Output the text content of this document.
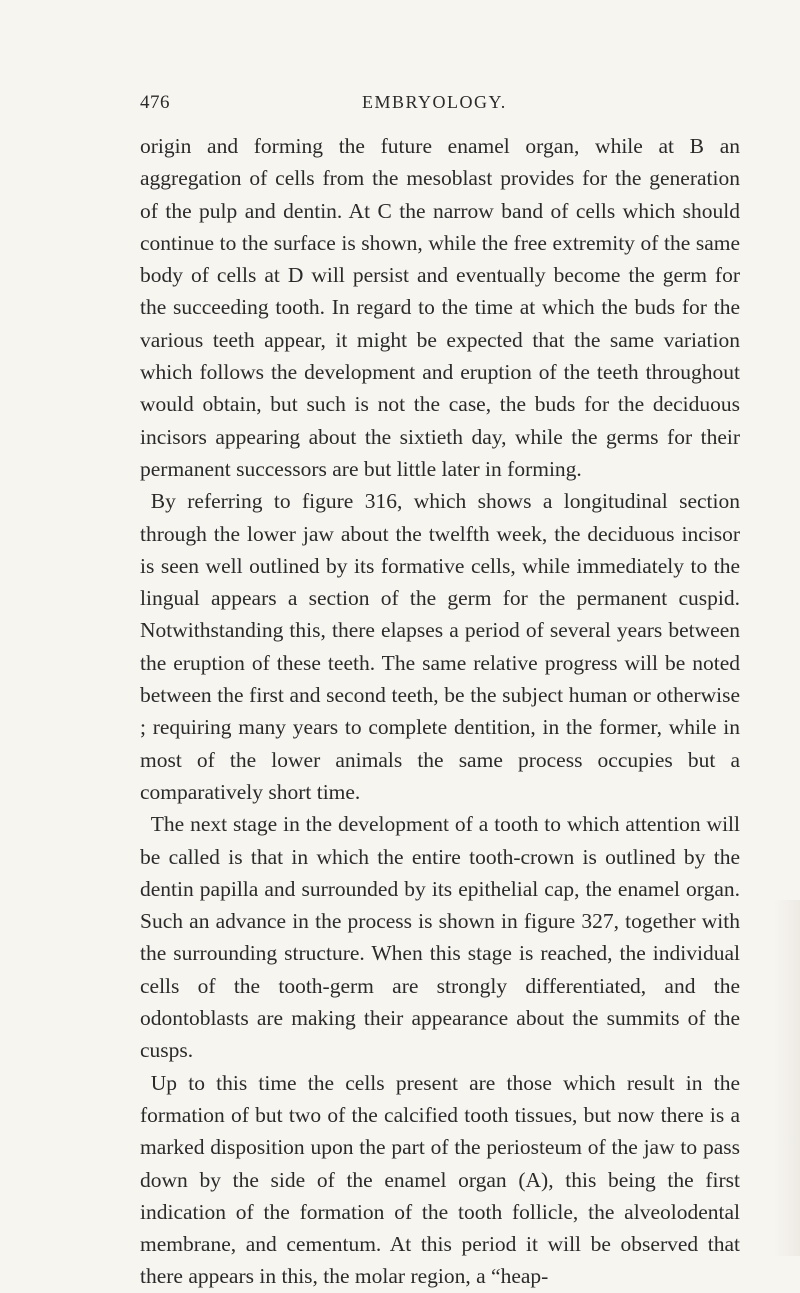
476	EMBRYOLOGY.

origin and forming the future enamel organ, while at B an aggregation of cells from the mesoblast provides for the generation of the pulp and dentin. At C the narrow band of cells which should continue to the surface is shown, while the free extremity of the same body of cells at D will persist and eventually become the germ for the succeeding tooth. In regard to the time at which the buds for the various teeth appear, it might be expected that the same variation which follows the development and eruption of the teeth throughout would obtain, but such is not the case, the buds for the deciduous incisors appearing about the sixtieth day, while the germs for their permanent successors are but little later in forming.

By referring to figure 316, which shows a longitudinal section through the lower jaw about the twelfth week, the deciduous incisor is seen well outlined by its formative cells, while immediately to the lingual appears a section of the germ for the permanent cuspid. Notwithstanding this, there elapses a period of several years between the eruption of these teeth. The same relative progress will be noted between the first and second teeth, be the subject human or otherwise ; requiring many years to complete dentition, in the former, while in most of the lower animals the same process occupies but a comparatively short time.

The next stage in the development of a tooth to which attention will be called is that in which the entire tooth-crown is outlined by the dentin papilla and surrounded by its epithelial cap, the enamel organ. Such an advance in the process is shown in figure 327, together with the surrounding structure. When this stage is reached, the individual cells of the tooth-germ are strongly differentiated, and the odontoblasts are making their appearance about the summits of the cusps.

Up to this time the cells present are those which result in the formation of but two of the calcified tooth tissues, but now there is a marked disposition upon the part of the periosteum of the jaw to pass down by the side of the enamel organ (A), this being the first indication of the formation of the tooth follicle, the alveolodental membrane, and cementum. At this period it will be observed that there appears in this, the molar region, a “heap-
